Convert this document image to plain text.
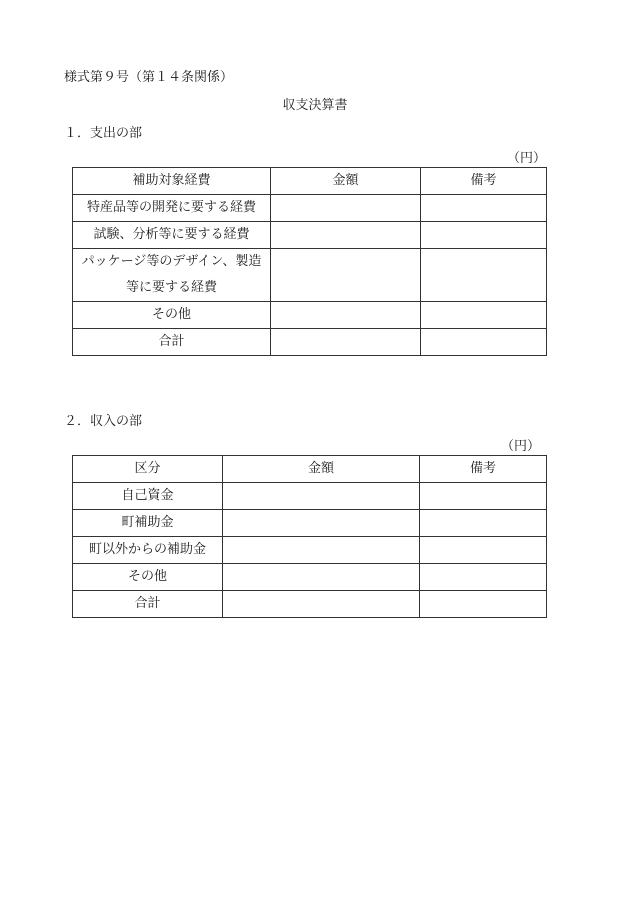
様式第９号（第１４条関係）
収支決算書
１．支出の部
（円）
補助対象経費	金額	備考
特産品等の開発に要する経費		
試験、分析等に要する経費		
パッケージ等のデザイン、製造等に要する経費		
その他		
合計		
２．収入の部
（円）
区分	金額	備考
自己資金		
町補助金		
町以外からの補助金		
その他		
合計		
